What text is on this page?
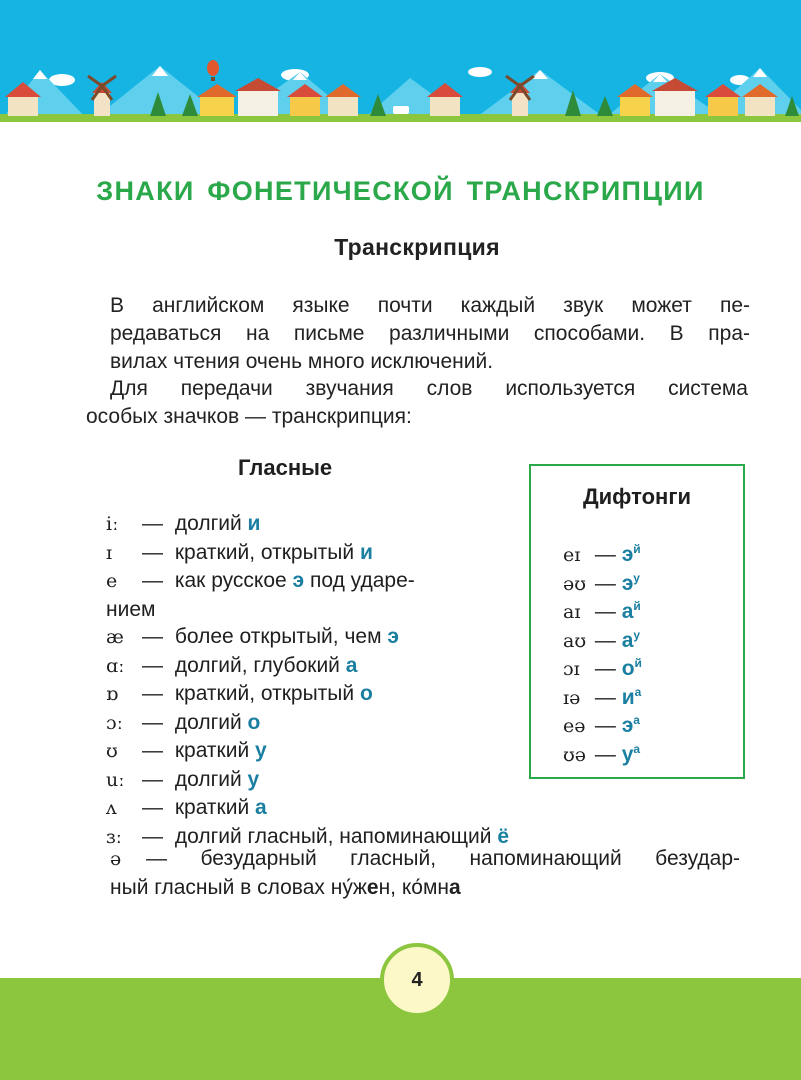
ЗНАКИ ФОНЕТИЧЕСКОЙ ТРАНСКРИПЦИИ
Транскрипция
В английском языке почти каждый звук может пе-
редаваться на письме различными способами. В пра-
вилах чтения очень много исключений.
Для передачи звучания слов используется система
особых значков — транскрипция:
Гласные
iː — долгий и
ɪ — краткий, открытый и
e — как русское э под ударе-
нием
æ — более открытый, чем э
ɑː — долгий, глубокий а
ɒ — краткий, открытый о
ɔː — долгий о
ʊ — краткий у
uː — долгий у
ʌ — краткий а
ɜː — долгий гласный, напоминающий ё
ə — безударный гласный, напоминающий безудар-
ный гласный в словах ну́жен, ко́мна
Дифтонги
eɪ — $э^й$
əʊ — $э^у$
aɪ — $а^й$
aʊ — $а^у$
ɔɪ — $о^й$
ɪə — $и^а$
eə — $э^а$
ʊə — $у^а$
4
